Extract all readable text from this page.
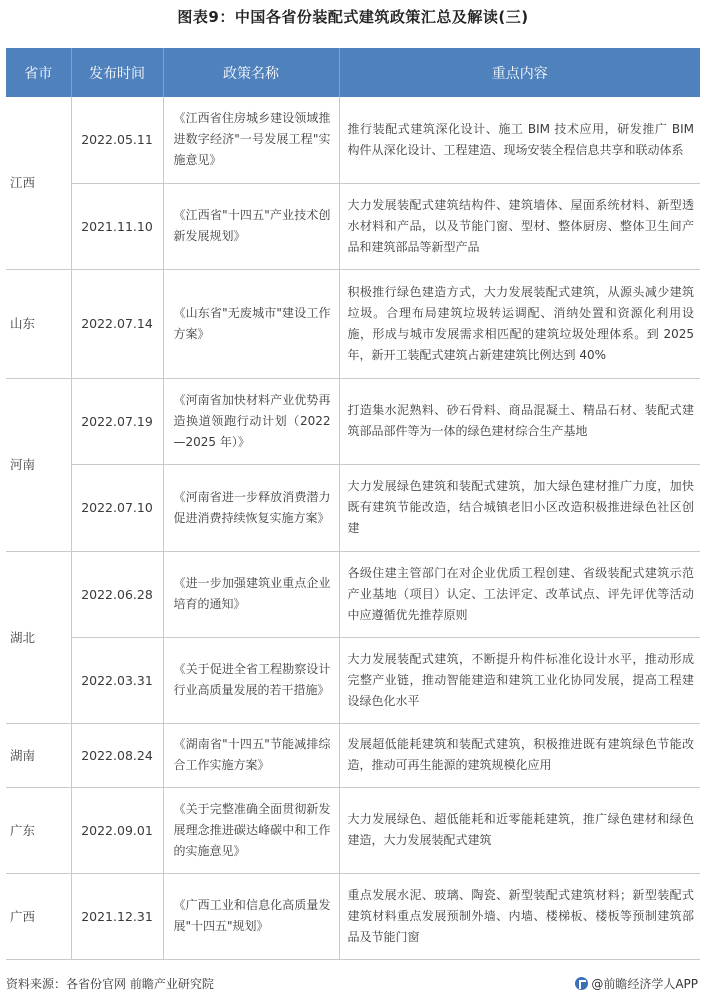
图表9：中国各省份装配式建筑政策汇总及解读(三)
省市	发布时间	政策名称	重点内容
江西	2022.05.11	《江西省住房城乡建设领域推进数字经济"一号发展工程"实施意见》	推行装配式建筑深化设计、施工 BIM 技术应用，研发推广 BIM 构件从深化设计、工程建造、现场安装全程信息共享和联动体系
	2021.11.10	《江西省"十四五"产业技术创新发展规划》	大力发展装配式建筑结构件、建筑墙体、屋面系统材料、新型透水材料和产品，以及节能门窗、型材、整体厨房、整体卫生间产品和建筑部品等新型产品
山东	2022.07.14	《山东省"无废城市"建设工作方案》	积极推行绿色建造方式，大力发展装配式建筑，从源头减少建筑垃圾。合理布局建筑垃圾转运调配、消纳处置和资源化利用设施，形成与城市发展需求相匹配的建筑垃圾处理体系。到 2025 年，新开工装配式建筑占新建建筑比例达到 40%
河南	2022.07.19	《河南省加快材料产业优势再造换道领跑行动计划（2022—2025 年）》	打造集水泥熟料、砂石骨料、商品混凝土、精品石材、装配式建筑部品部件等为一体的绿色建材综合生产基地
	2022.07.10	《河南省进一步释放消费潜力促进消费持续恢复实施方案》	大力发展绿色建筑和装配式建筑，加大绿色建材推广力度，加快既有建筑节能改造，结合城镇老旧小区改造积极推进绿色社区创建
湖北	2022.06.28	《进一步加强建筑业重点企业培育的通知》	各级住建主管部门在对企业优质工程创建、省级装配式建筑示范产业基地（项目）认定、工法评定、改革试点、评先评优等活动中应遵循优先推荐原则
	2022.03.31	《关于促进全省工程勘察设计行业高质量发展的若干措施》	大力发展装配式建筑，不断提升构件标准化设计水平，推动形成完整产业链，推动智能建造和建筑工业化协同发展，提高工程建设绿色化水平
湖南	2022.08.24	《湖南省"十四五"节能减排综合工作实施方案》	发展超低能耗建筑和装配式建筑，积极推进既有建筑绿色节能改造，推动可再生能源的建筑规模化应用
广东	2022.09.01	《关于完整准确全面贯彻新发展理念推进碳达峰碳中和工作的实施意见》	大力发展绿色、超低能耗和近零能耗建筑，推广绿色建材和绿色建造，大力发展装配式建筑
广西	2021.12.31	《广西工业和信息化高质量发展"十四五"规划》	重点发展水泥、玻璃、陶瓷、新型装配式建筑材料；新型装配式建筑材料重点发展预制外墙、内墙、楼梯板、楼板等预制建筑部品及节能门窗
资料来源：各省份官网 前瞻产业研究院	@前瞻经济学人APP
